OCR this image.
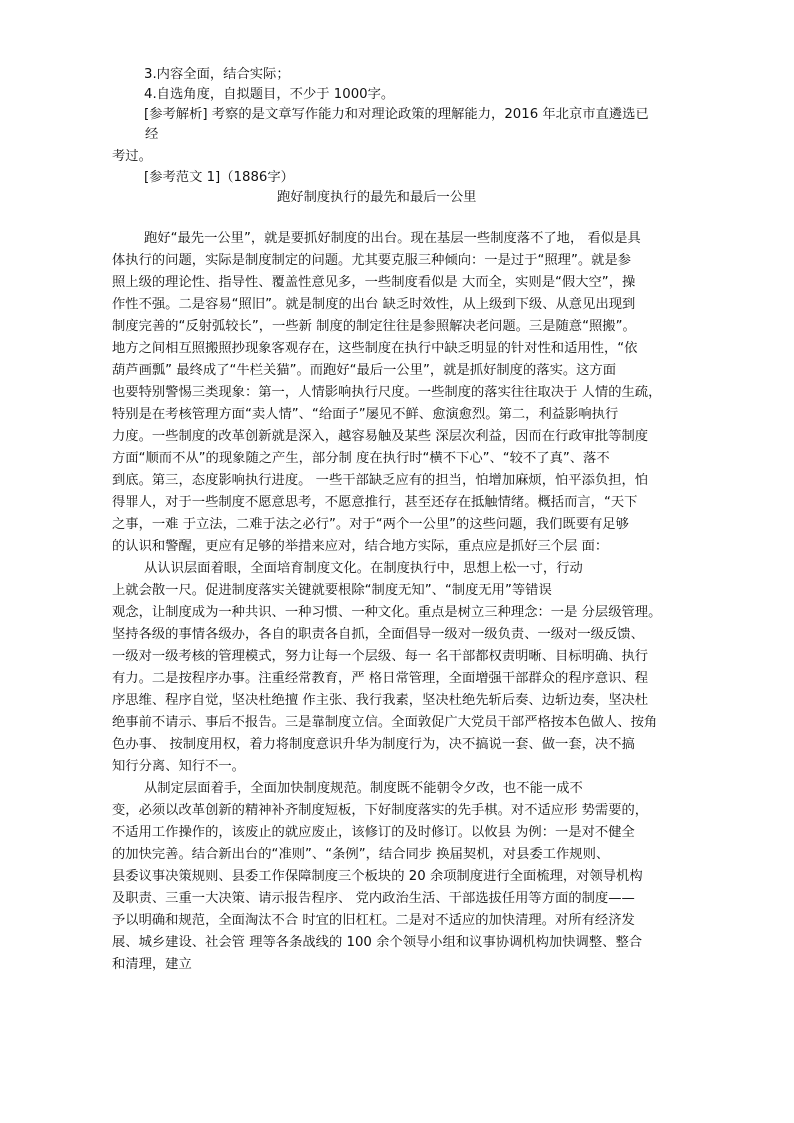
3.内容全面，结合实际；
4.自选角度，自拟题目，不少于 1000字。
[参考解析] 考察的是文章写作能力和对理论政策的理解能力，2016 年北京市直遴选已
经
考过。
[参考范文 1]（1886字）
跑好制度执行的最先和最后一公里
跑好“最先一公里”，就是要抓好制度的出台。现在基层一些制度落不了地， 看似是具
体执行的问题，实际是制度制定的问题。尤其要克服三种倾向：一是过于“照理”。就是参
照上级的理论性、指导性、覆盖性意见多，一些制度看似是 大而全，实则是“假大空”，操
作性不强。二是容易“照旧”。就是制度的出台 缺乏时效性，从上级到下级、从意见出现到
制度完善的“反射弧较长”，一些新 制度的制定往往是参照解决老问题。三是随意“照搬”。
地方之间相互照搬照抄现象客观存在，这些制度在执行中缺乏明显的针对性和适用性，“依
葫芦画瓢” 最终成了“牛栏关猫”。而跑好“最后一公里”，就是抓好制度的落实。这方面
也要特别警惕三类现象：第一，人情影响执行尺度。一些制度的落实往往取决于 人情的生疏，
特别是在考核管理方面“卖人情”、“给面子”屡见不鲜、愈演愈烈。第二，利益影响执行
力度。一些制度的改革创新就是深入，越容易触及某些 深层次利益，因而在行政审批等制度
方面“顺而不从”的现象随之产生，部分制 度在执行时“横不下心”、“较不了真”、落不
到底。第三，态度影响执行进度。 一些干部缺乏应有的担当，怕增加麻烦，怕平添负担，怕
得罪人，对于一些制度不愿意思考，不愿意推行，甚至还存在抵触情绪。概括而言，“天下
之事，一难 于立法，二难于法之必行”。对于“两个一公里”的这些问题，我们既要有足够
的认识和警醒，更应有足够的举措来应对，结合地方实际，重点应是抓好三个层 面：
从认识层面着眼，全面培育制度文化。在制度执行中，思想上松一寸，行动
上就会散一尺。促进制度落实关键就要根除“制度无知”、“制度无用”等错误
观念，让制度成为一种共识、一种习惯、一种文化。重点是树立三种理念：一是 分层级管理。
坚持各级的事情各级办，各自的职责各自抓，全面倡导一级对一级负责、一级对一级反馈、
一级对一级考核的管理模式，努力让每一个层级、每一 名干部都权责明晰、目标明确、执行
有力。二是按程序办事。注重经常教育，严 格日常管理，全面增强干部群众的程序意识、程
序思维、程序自觉，坚决杜绝擅 作主张、我行我素，坚决杜绝先斩后奏、边斩边奏，坚决杜
绝事前不请示、事后不报告。三是靠制度立信。全面敦促广大党员干部严格按本色做人、按角
色办事、 按制度用权，着力将制度意识升华为制度行为，决不搞说一套、做一套，决不搞
知行分离、知行不一。
从制定层面着手，全面加快制度规范。制度既不能朝令夕改，也不能一成不
变，必须以改革创新的精神补齐制度短板，下好制度落实的先手棋。对不适应形 势需要的，
不适用工作操作的，该废止的就应废止，该修订的及时修订。以攸县 为例：一是对不健全
的加快完善。结合新出台的“准则”、“条例”，结合同步 换届契机，对县委工作规则、
县委议事决策规则、县委工作保障制度三个板块的 20 余项制度进行全面梳理，对领导机构
及职责、三重一大决策、请示报告程序、 党内政治生活、干部选拔任用等方面的制度——
予以明确和规范，全面淘汰不合 时宜的旧杠杠。二是对不适应的加快清理。对所有经济发
展、城乡建设、社会管 理等各条战线的 100 余个领导小组和议事协调机构加快调整、整合
和清理，建立
